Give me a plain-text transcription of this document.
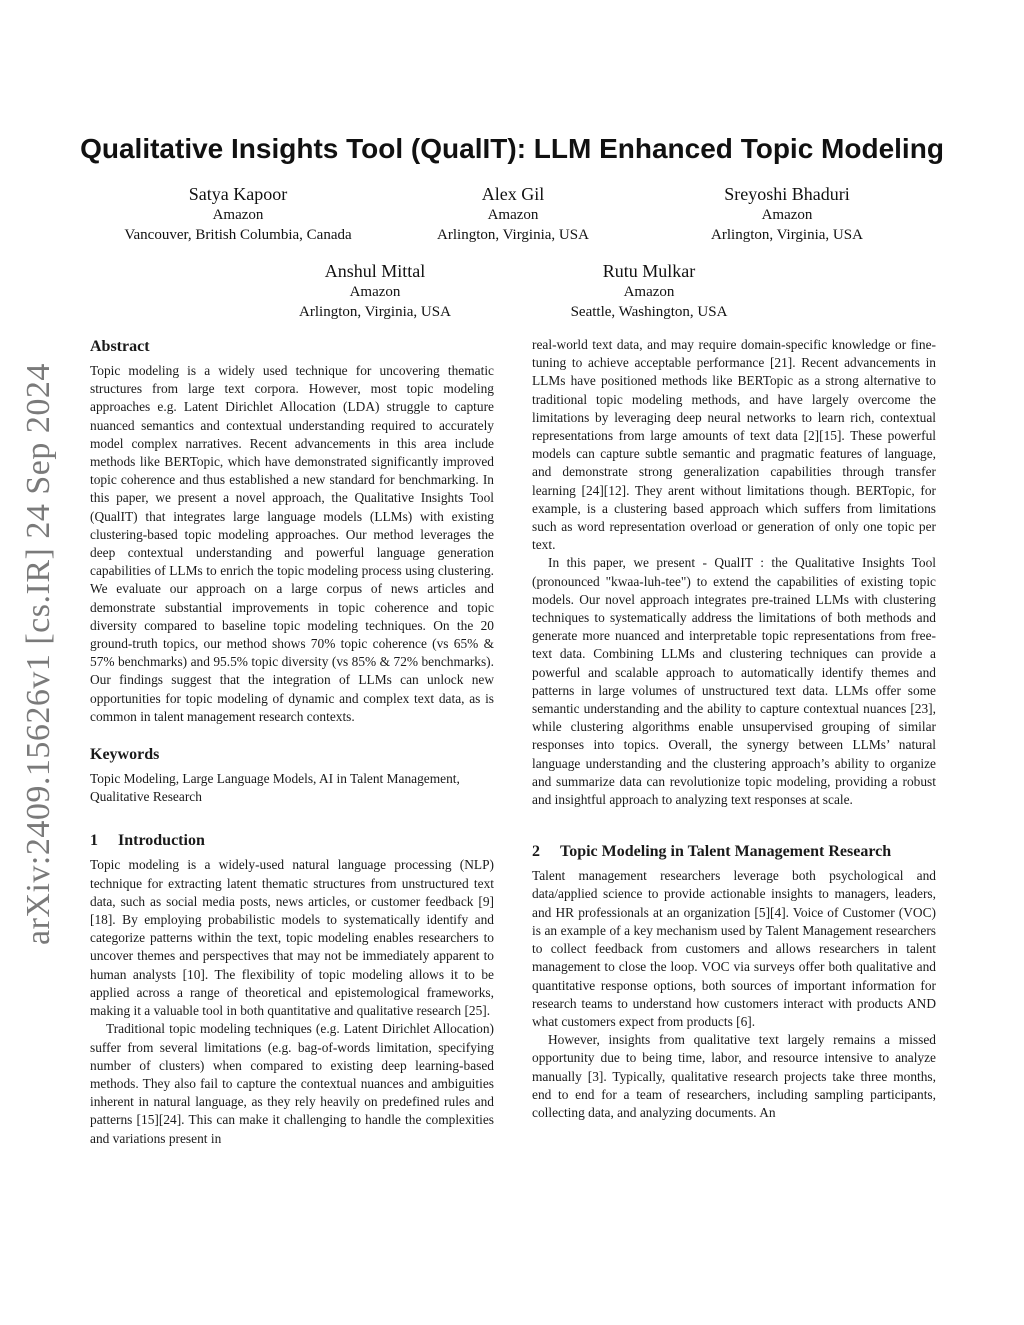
arXiv:2409.15626v1 [cs.IR] 24 Sep 2024
Qualitative Insights Tool (QualIT): LLM Enhanced Topic Modeling
Satya Kapoor
Amazon
Vancouver, British Columbia, Canada
Alex Gil
Amazon
Arlington, Virginia, USA
Sreyoshi Bhaduri
Amazon
Arlington, Virginia, USA
Anshul Mittal
Amazon
Arlington, Virginia, USA
Rutu Mulkar
Amazon
Seattle, Washington, USA
Abstract

Topic modeling is a widely used technique for uncovering thematic structures from large text corpora. However, most topic modeling approaches e.g. Latent Dirichlet Allocation (LDA) struggle to capture nuanced semantics and contextual understanding required to accurately model complex narratives. Recent advancements in this area include methods like BERTopic, which have demonstrated significantly improved topic coherence and thus established a new standard for benchmarking. In this paper, we present a novel approach, the Qualitative Insights Tool (QualIT) that integrates large language models (LLMs) with existing clustering-based topic modeling approaches. Our method leverages the deep contextual understanding and powerful language generation capabilities of LLMs to enrich the topic modeling process using clustering. We evaluate our approach on a large corpus of news articles and demonstrate substantial improvements in topic coherence and topic diversity compared to baseline topic modeling techniques. On the 20 ground-truth topics, our method shows 70% topic coherence (vs 65% & 57% benchmarks) and 95.5% topic diversity (vs 85% & 72% benchmarks). Our findings suggest that the integration of LLMs can unlock new opportunities for topic modeling of dynamic and complex text data, as is common in talent management research contexts.

Keywords

Topic Modeling, Large Language Models, AI in Talent Management, Qualitative Research

1	Introduction

Topic modeling is a widely-used natural language processing (NLP) technique for extracting latent thematic structures from unstructured text data, such as social media posts, news articles, or customer feedback [9][18]. By employing probabilistic models to systematically identify and categorize patterns within the text, topic modeling enables researchers to uncover themes and perspectives that may not be immediately apparent to human analysts [10]. The flexibility of topic modeling allows it to be applied across a range of theoretical and epistemological frameworks, making it a valuable tool in both quantitative and qualitative research [25].

Traditional topic modeling techniques (e.g. Latent Dirichlet Allocation) suffer from several limitations (e.g. bag-of-words limitation, specifying number of clusters) when compared to existing deep learning-based methods. They also fail to capture the contextual nuances and ambiguities inherent in natural language, as they rely heavily on predefined rules and patterns [15][24]. This can make it challenging to handle the complexities and variations present in

real-world text data, and may require domain-specific knowledge or fine-tuning to achieve acceptable performance [21]. Recent advancements in LLMs have positioned methods like BERTopic as a strong alternative to traditional topic modeling methods, and have largely overcome the limitations by leveraging deep neural networks to learn rich, contextual representations from large amounts of text data [2][15]. These powerful models can capture subtle semantic and pragmatic features of language, and demonstrate strong generalization capabilities through transfer learning [24][12]. They arent without limitations though. BERTopic, for example, is a clustering based approach which suffers from limitations such as word representation overload or generation of only one topic per text.

In this paper, we present - QualIT : the Qualitative Insights Tool (pronounced "kwaa-luh-tee") to extend the capabilities of existing topic models. Our novel approach integrates pre-trained LLMs with clustering techniques to systematically address the limitations of both methods and generate more nuanced and interpretable topic representations from free-text data. Combining LLMs and clustering techniques can provide a powerful and scalable approach to automatically identify themes and patterns in large volumes of unstructured text data. LLMs offer some semantic understanding and the ability to capture contextual nuances [23], while clustering algorithms enable unsupervised grouping of similar responses into topics. Overall, the synergy between LLMs’ natural language understanding and the clustering approach’s ability to organize and summarize data can revolutionize topic modeling, providing a robust and insightful approach to analyzing text responses at scale.

2	Topic Modeling in Talent Management Research

Talent management researchers leverage both psychological and data/applied science to provide actionable insights to managers, leaders, and HR professionals at an organization [5][4]. Voice of Customer (VOC) is an example of a key mechanism used by Talent Management researchers to collect feedback from customers and allows researchers in talent management to close the loop. VOC via surveys offer both qualitative and quantitative response options, both sources of important information for research teams to understand how customers interact with products AND what customers expect from products [6].

However, insights from qualitative text largely remains a missed opportunity due to being time, labor, and resource intensive to analyze manually [3]. Typically, qualitative research projects take three months, end to end for a team of researchers, including sampling participants, collecting data, and analyzing documents. An
